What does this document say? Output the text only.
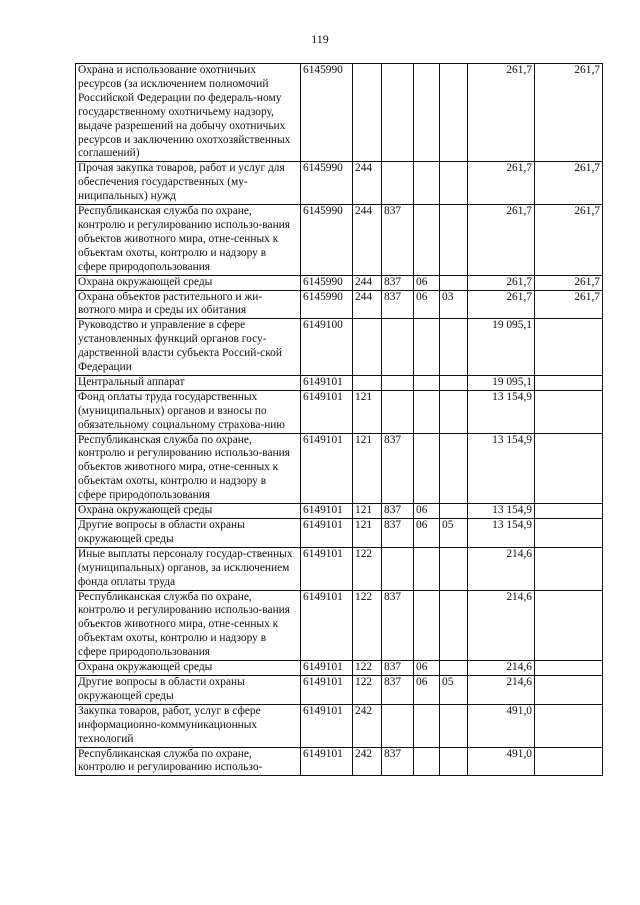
119
Охрана и использование охотничьих ресурсов (за исключением полномочий Российской Федерации по федераль-ному государственному охотничьему надзору, выдаче разрешений на добычу охотничьих ресурсов и заключению охотхозяйственных соглашений)	6145990					261,7	261,7
Прочая закупка товаров, работ и услуг для обеспечения государственных (му-ниципальных) нужд	6145990	244				261,7	261,7
Республиканская служба по охране, контролю и регулированию использо-вания объектов животного мира, отне-сенных к объектам охоты, контролю и надзору в сфере природопользования	6145990	244	837			261,7	261,7
Охрана окружающей среды	6145990	244	837	06		261,7	261,7
Охрана объектов растительного и жи-вотного мира и среды их обитания	6145990	244	837	06	03	261,7	261,7
Руководство и управление в сфере установленных функций органов госу-дарственной власти субъекта Россий-ской Федерации	6149100					19 095,1	
Центральный аппарат	6149101					19 095,1	
Фонд оплаты труда государственных (муниципальных) органов и взносы по обязательному социальному страхова-нию	6149101	121				13 154,9	
Республиканская служба по охране, контролю и регулированию использо-вания объектов животного мира, отне-сенных к объектам охоты, контролю и надзору в сфере природопользования	6149101	121	837			13 154,9	
Охрана окружающей среды	6149101	121	837	06		13 154,9	
Другие вопросы в области охраны окружающей среды	6149101	121	837	06	05	13 154,9	
Иные выплаты персоналу государ-ственных (муниципальных) органов, за исключением фонда оплаты труда	6149101	122				214,6	
Республиканская служба по охране, контролю и регулированию использо-вания объектов животного мира, отне-сенных к объектам охоты, контролю и надзору в сфере природопользования	6149101	122	837			214,6	
Охрана окружающей среды	6149101	122	837	06		214,6	
Другие вопросы в области охраны окружающей среды	6149101	122	837	06	05	214,6	
Закупка товаров, работ, услуг в сфере информационно-коммуникационных технологий	6149101	242				491,0	
Республиканская служба по охране, контролю и регулированию использо-	6149101	242	837			491,0	
